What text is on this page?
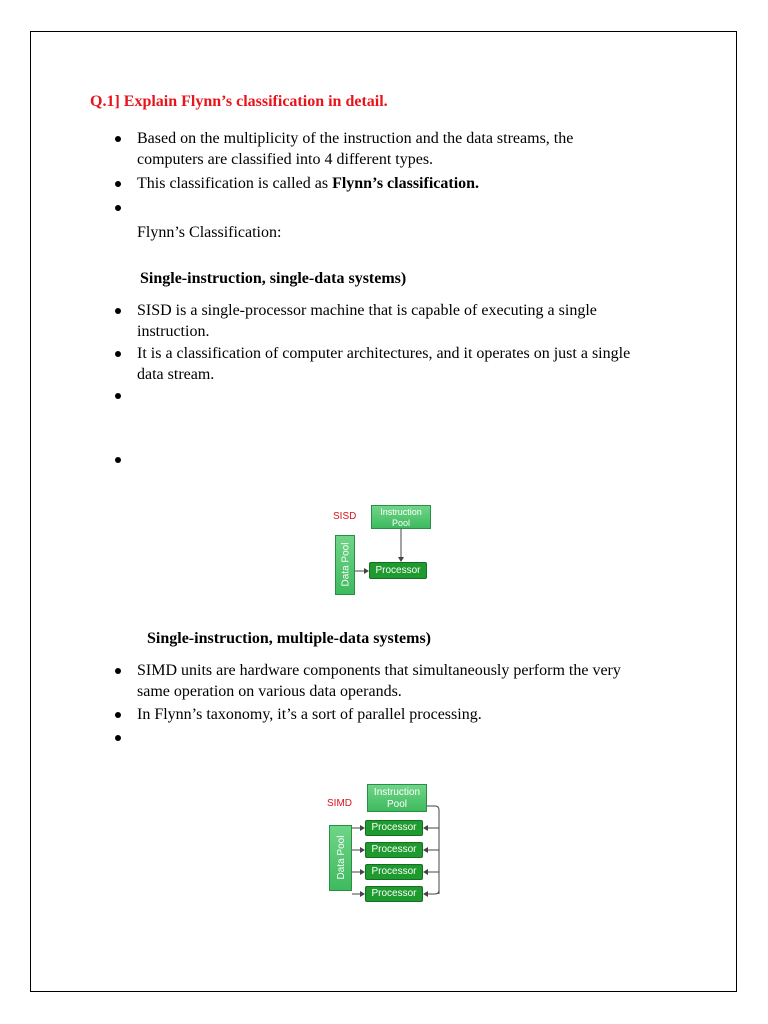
Q.1] Explain Flynn’s classification in detail.
Based on the multiplicity of the instruction and the data streams, the
computers are classified into 4 different types.
This classification is called as Flynn’s classification.
Flynn’s Classification:
Single-instruction, single-data systems)
SISD is a single-processor machine that is capable of executing a single
instruction.
It is a classification of computer architectures, and it operates on just a single
data stream.
SISD	Instruction
Pool
Data Pool	Processor
Single-instruction, multiple-data systems)
SIMD units are hardware components that simultaneously perform the very
same operation on various data operands.
In Flynn’s taxonomy, it’s a sort of parallel processing.
SIMD
Instruction
Pool
Data Pool
Processor
Processor
Processor
Processor
